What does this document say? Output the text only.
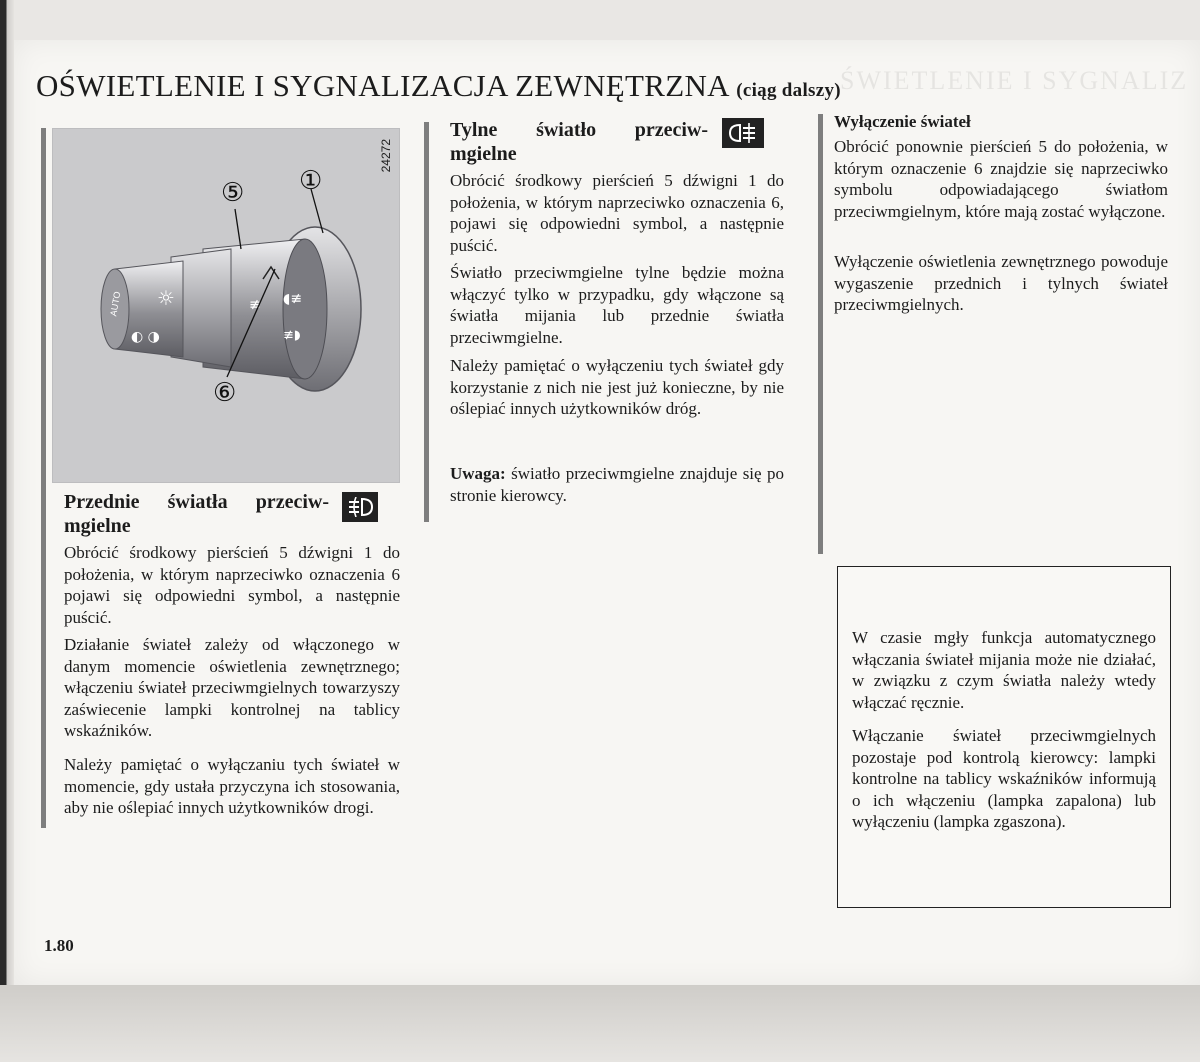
ŚWIETLENIE I SYGNALIZ
OŚWIETLENIE I SYGNALIZACJA ZEWNĘTRZNA (ciąg dalszy)
24272
AUTO ☼
◐ ◑
≢ ◖≢
≢◗
⑤ ①
⑥
Przednie światła przeciw-
mgielne

Obrócić środkowy pierścień 5 dźwigni 1 do położenia, w którym naprzeciwko oznaczenia 6 pojawi się odpowiedni symbol, a następnie puścić.

Działanie świateł zależy od włączonego w danym momencie oświetlenia zewnętrznego; włączeniu świateł przeciwmgielnych towarzyszy zaświecenie lampki kontrolnej na tablicy wskaźników.

Należy pamiętać o wyłączaniu tych świateł w momencie, gdy ustała przyczyna ich stosowania, aby nie oślepiać innych użytkowników drogi.

Tylne światło przeciw-
mgielne

Obrócić środkowy pierścień 5 dźwigni 1 do położenia, w którym naprzeciwko oznaczenia 6, pojawi się odpowiedni symbol, a następnie puścić.

Światło przeciwmgielne tylne będzie można włączyć tylko w przypadku, gdy włączone są światła mijania lub przednie światła przeciwmgielne.

Należy pamiętać o wyłączeniu tych świateł gdy korzystanie z nich nie jest już konieczne, by nie oślepiać innych użytkowników dróg.

Uwaga: światło przeciwmgielne znajduje się po stronie kierowcy.

Wyłączenie świateł

Obrócić ponownie pierścień 5 do położenia, w którym oznaczenie 6 znajdzie się naprzeciwko symbolu odpowiadającego światłom przeciwmgielnym, które mają zostać wyłączone.

Wyłączenie oświetlenia zewnętrznego powoduje wygaszenie przednich i tylnych świateł przeciwmgielnych.

W czasie mgły funkcja automatycznego włączania świateł mijania może nie działać, w związku z czym światła należy wtedy włączać ręcznie.

Włączanie świateł przeciwmgielnych pozostaje pod kontrolą kierowcy: lampki kontrolne na tablicy wskaźników informują o ich włączeniu (lampka zapalona) lub wyłączeniu (lampka zgaszona).

1.80
